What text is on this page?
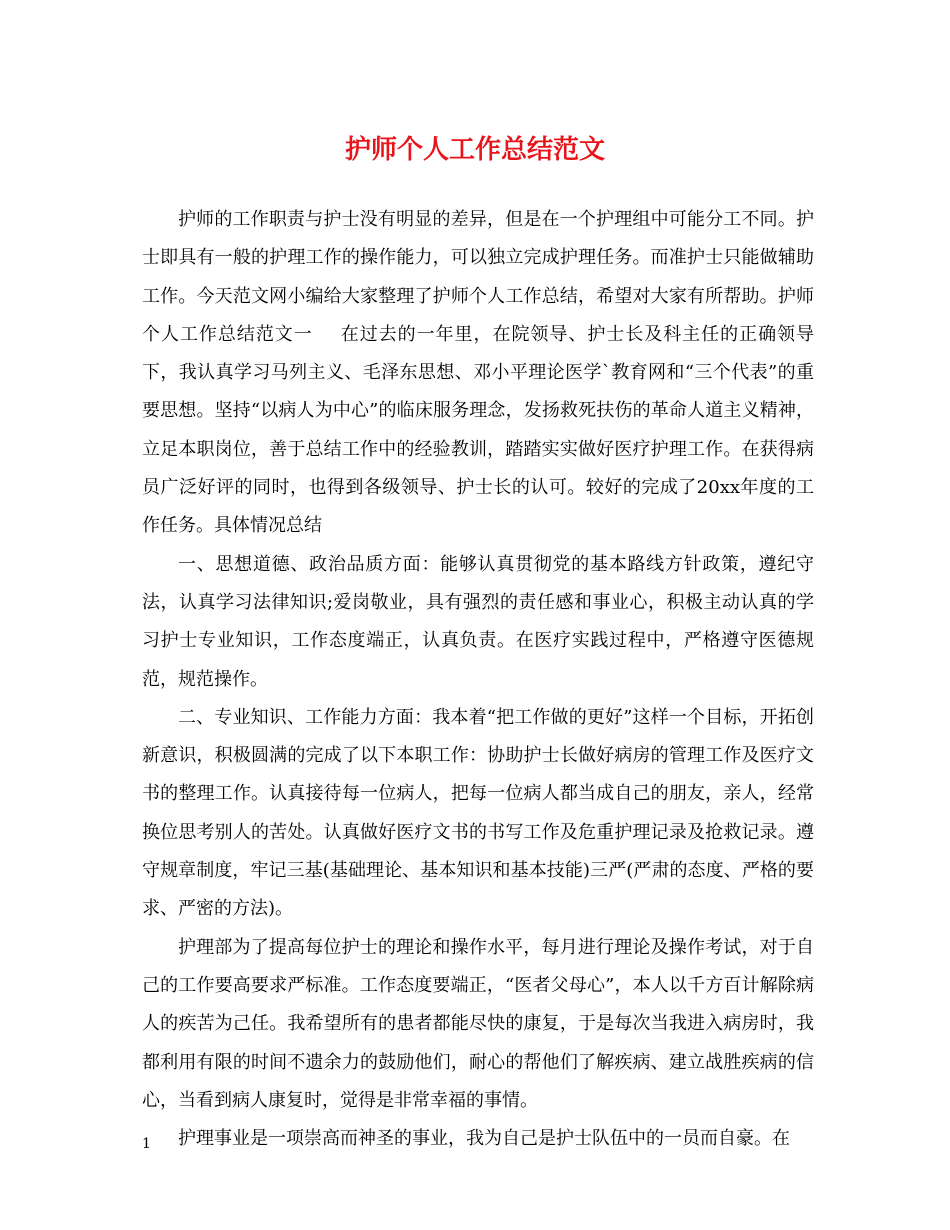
护师个人工作总结范文

护师的工作职责与护士没有明显的差异，但是在一个护理组中可能分工不同。护士即具有一般的护理工作的操作能力，可以独立完成护理任务。而准护士只能做辅助工作。今天范文网小编给大家整理了护师个人工作总结，希望对大家有所帮助。护师个人工作总结范文一 在过去的一年里，在院领导、护士长及科主任的正确领导下，我认真学习马列主义、毛泽东思想、邓小平理论医学`教育网和“三个代表”的重要思想。坚持“以病人为中心”的临床服务理念，发扬救死扶伤的革命人道主义精神，立足本职岗位，善于总结工作中的经验教训，踏踏实实做好医疗护理工作。在获得病员广泛好评的同时，也得到各级领导、护士长的认可。较好的完成了20xx年度的工作任务。具体情况总结

一、思想道德、政治品质方面：能够认真贯彻党的基本路线方针政策，遵纪守法，认真学习法律知识;爱岗敬业，具有强烈的责任感和事业心，积极主动认真的学习护士专业知识，工作态度端正，认真负责。在医疗实践过程中，严格遵守医德规范，规范操作。

二、专业知识、工作能力方面：我本着“把工作做的更好”这样一个目标，开拓创新意识，积极圆满的完成了以下本职工作：协助护士长做好病房的管理工作及医疗文书的整理工作。认真接待每一位病人，把每一位病人都当成自己的朋友，亲人，经常换位思考别人的苦处。认真做好医疗文书的书写工作及危重护理记录及抢救记录。遵守规章制度，牢记三基(基础理论、基本知识和基本技能)三严(严肃的态度、严格的要求、严密的方法)。

护理部为了提高每位护士的理论和操作水平，每月进行理论及操作考试，对于自己的工作要高要求严标准。工作态度要端正，“医者父母心”，本人以千方百计解除病人的疾苦为己任。我希望所有的患者都能尽快的康复，于是每次当我进入病房时，我都利用有限的时间不遗余力的鼓励他们，耐心的帮他们了解疾病、建立战胜疾病的信心，当看到病人康复时，觉得是非常幸福的事情。

护理事业是一项崇高而神圣的事业，我为自己是护士队伍中的一员而自豪。在

1
